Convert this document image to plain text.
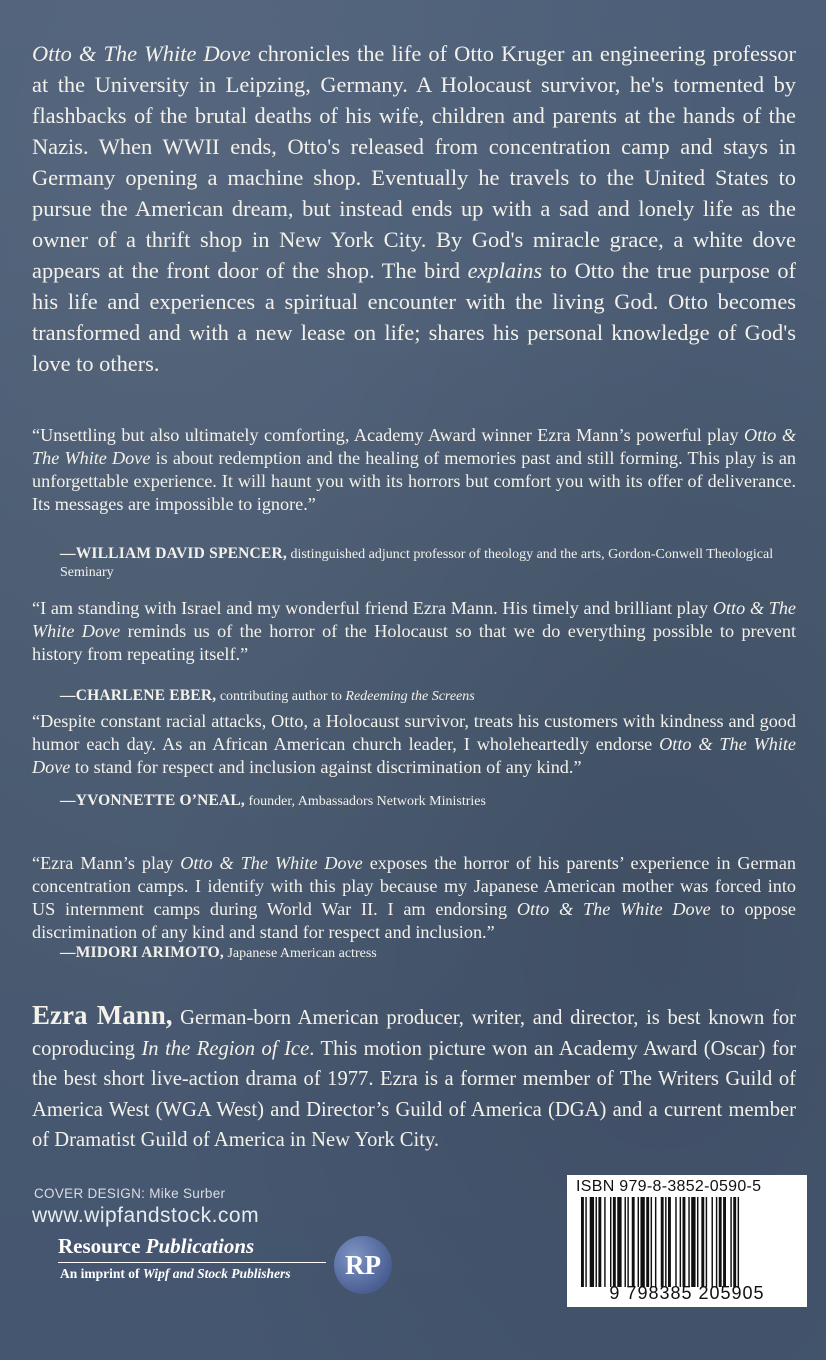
Otto & The White Dove chronicles the life of Otto Kruger an engineering professor at the University in Leipzing, Germany. A Holocaust survivor, he's tormented by flashbacks of the brutal deaths of his wife, children and parents at the hands of the Nazis. When WWII ends, Otto's released from concentration camp and stays in Germany opening a machine shop. Eventually he travels to the United States to pursue the American dream, but instead ends up with a sad and lonely life as the owner of a thrift shop in New York City. By God's miracle grace, a white dove appears at the front door of the shop. The bird explains to Otto the true purpose of his life and experiences a spiritual encounter with the living God. Otto becomes transformed and with a new lease on life; shares his personal knowledge of God's love to others.

“Unsettling but also ultimately comforting, Academy Award winner Ezra Mann’s powerful play Otto & The White Dove is about redemption and the healing of memories past and still forming. This play is an unforgettable experience. It will haunt you with its horrors but comfort you with its offer of deliverance. Its messages are impossible to ignore.”

—WILLIAM DAVID SPENCER, distinguished adjunct professor of theology and the arts, Gordon-Conwell Theological Seminary

“I am standing with Israel and my wonderful friend Ezra Mann. His timely and brilliant play Otto & The White Dove reminds us of the horror of the Holocaust so that we do everything possible to prevent history from repeating itself.”

—CHARLENE EBER, contributing author to Redeeming the Screens

“Despite constant racial attacks, Otto, a Holocaust survivor, treats his customers with kindness and good humor each day. As an African American church leader, I wholeheartedly endorse Otto & The White Dove to stand for respect and inclusion against discrimination of any kind.”

—YVONNETTE O’NEAL, founder, Ambassadors Network Ministries

“Ezra Mann’s play Otto & The White Dove exposes the horror of his parents’ experience in German concentration camps. I identify with this play because my Japanese American mother was forced into US internment camps during World War II. I am endorsing Otto & The White Dove to oppose discrimination of any kind and stand for respect and inclusion.”

—MIDORI ARIMOTO, Japanese American actress

Ezra Mann, German-born American producer, writer, and director, is best known for coproducing In the Region of Ice. This motion picture won an Academy Award (Oscar) for the best short live-action drama of 1977. Ezra is a former member of The Writers Guild of America West (WGA West) and Director’s Guild of America (DGA) and a current member of Dramatist Guild of America in New York City.

COVER DESIGN: Mike Surber

www.wipfandstock.com

Resource Publications

An imprint of Wipf and Stock Publishers	RP

ISBN 979-8-3852-0590-5

9 798385 205905
